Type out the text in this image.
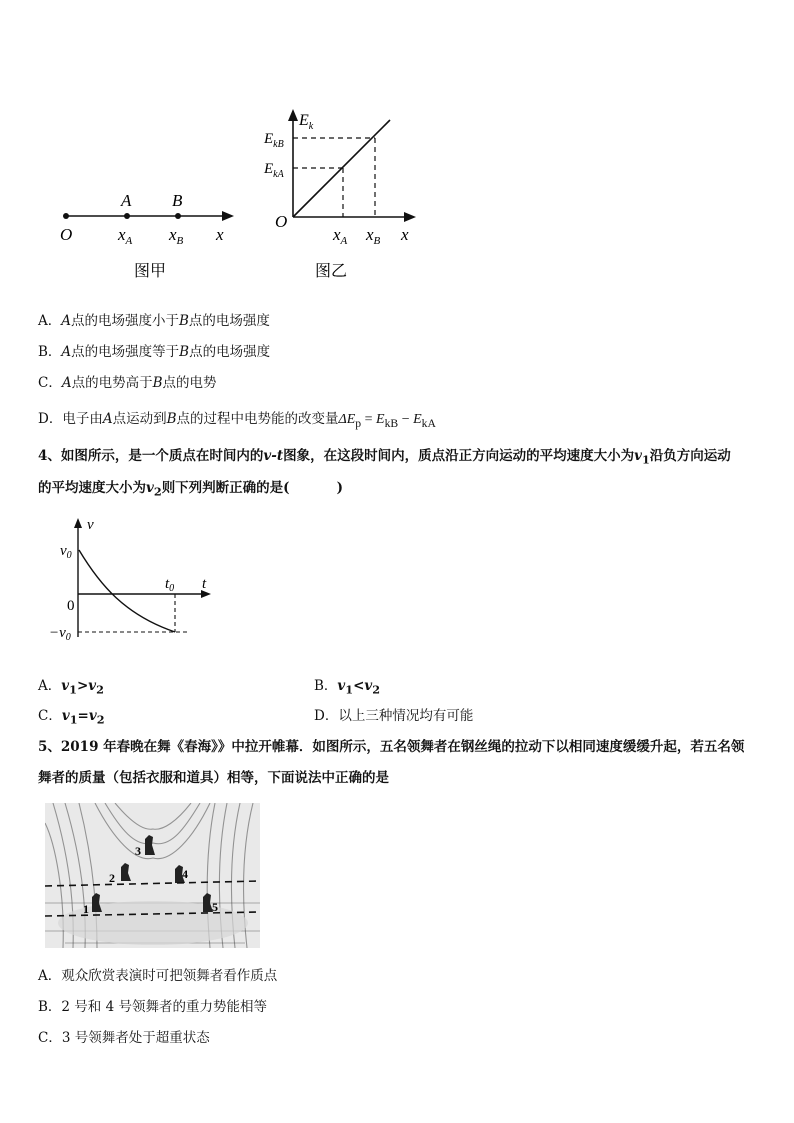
A B
O	$x_A$ $x_B$ x
图甲
$E_k$
$E_{kB}$
$E_{kA}$
O
$x_A$ $x_B$ x
图乙
A．A点的电场强度小于B点的电场强度
B．A点的电场强度等于B点的电场强度
C．A点的电势高于B点的电势
D．电子由A点运动到B点的过程中电势能的改变量$\Delta E_p = E_{kB} - E_{kA}$
4、如图所示，是一个质点在时间内的v-t图象，在这段时间内，质点沿正方向运动的平均速度大小为$v_1$沿负方向运动
的平均速度大小为$v_2$则下列判断正确的是(	)
v
t
$v_0$
$t_0$
0
$-v_0$
A．$v_1>v_2$	B．$v_1<v_2$
C．$v_1=v_2$	D．以上三种情况均有可能
5、2019 年春晚在舞《春海》》中拉开帷幕．如图所示，五名领舞者在钢丝绳的拉动下以相同速度缓缓升起，若五名领
舞者的质量（包括衣服和道具）相等，下面说法中正确的是
3
2	4
1	5
A．观众欣赏表演时可把领舞者看作质点
B．2 号和 4 号领舞者的重力势能相等
C．3 号领舞者处于超重状态
